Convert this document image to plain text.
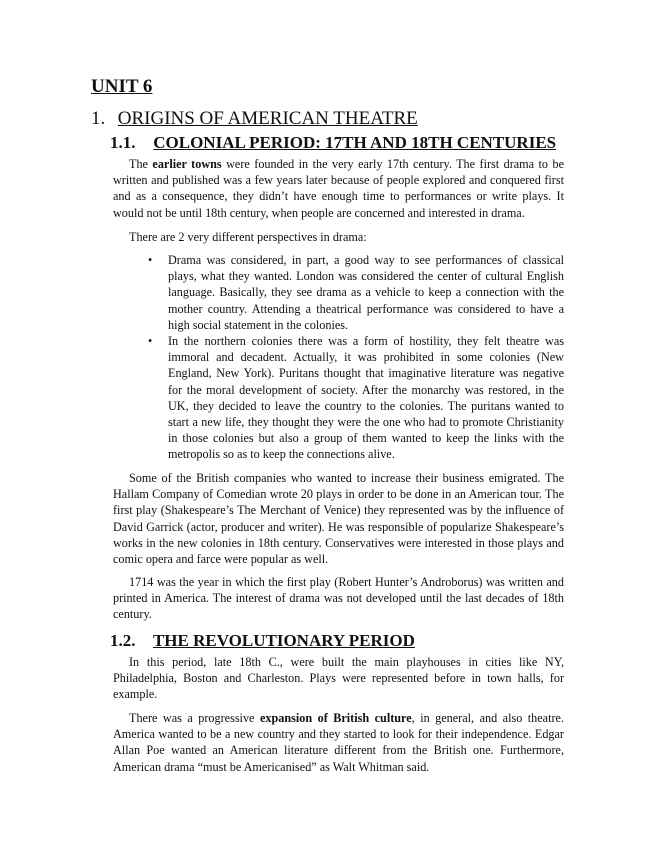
UNIT 6
1. ORIGINS OF AMERICAN THEATRE
1.1. COLONIAL PERIOD: 17TH AND 18TH CENTURIES

The earlier towns were founded in the very early 17th century. The first drama to be written and published was a few years later because of people explored and conquered first and as a consequence, they didn’t have enough time to performances or write plays. It would not be until 18th century, when people are concerned and interested in drama.

There are 2 very different perspectives in drama:

• Drama was considered, in part, a good way to see performances of classical plays, what they wanted. London was considered the center of cultural English language. Basically, they see drama as a vehicle to keep a connection with the mother country. Attending a theatrical performance was considered to have a high social statement in the colonies.
• In the northern colonies there was a form of hostility, they felt theatre was immoral and decadent. Actually, it was prohibited in some colonies (New England, New York). Puritans thought that imaginative literature was negative for the moral development of society. After the monarchy was restored, in the UK, they decided to leave the country to the colonies. The puritans wanted to start a new life, they thought they were the one who had to promote Christianity in those colonies but also a group of them wanted to keep the links with the metropolis so as to keep the connections alive.

Some of the British companies who wanted to increase their business emigrated. The Hallam Company of Comedian wrote 20 plays in order to be done in an American tour. The first play (Shakespeare’s The Merchant of Venice) they represented was by the influence of David Garrick (actor, producer and writer). He was responsible of popularize Shakespeare’s works in the new colonies in 18th century. Conservatives were interested in those plays and comic opera and farce were popular as well.

1714 was the year in which the first play (Robert Hunter’s Androborus) was written and printed in America. The interest of drama was not developed until the last decades of 18th century.

1.2. THE REVOLUTIONARY PERIOD

In this period, late 18th C., were built the main playhouses in cities like NY, Philadelphia, Boston and Charleston. Plays were represented before in town halls, for example.

There was a progressive expansion of British culture, in general, and also theatre. America wanted to be a new country and they started to look for their independence. Edgar Allan Poe wanted an American literature different from the British one. Furthermore, American drama “must be Americanised” as Walt Whitman said.
